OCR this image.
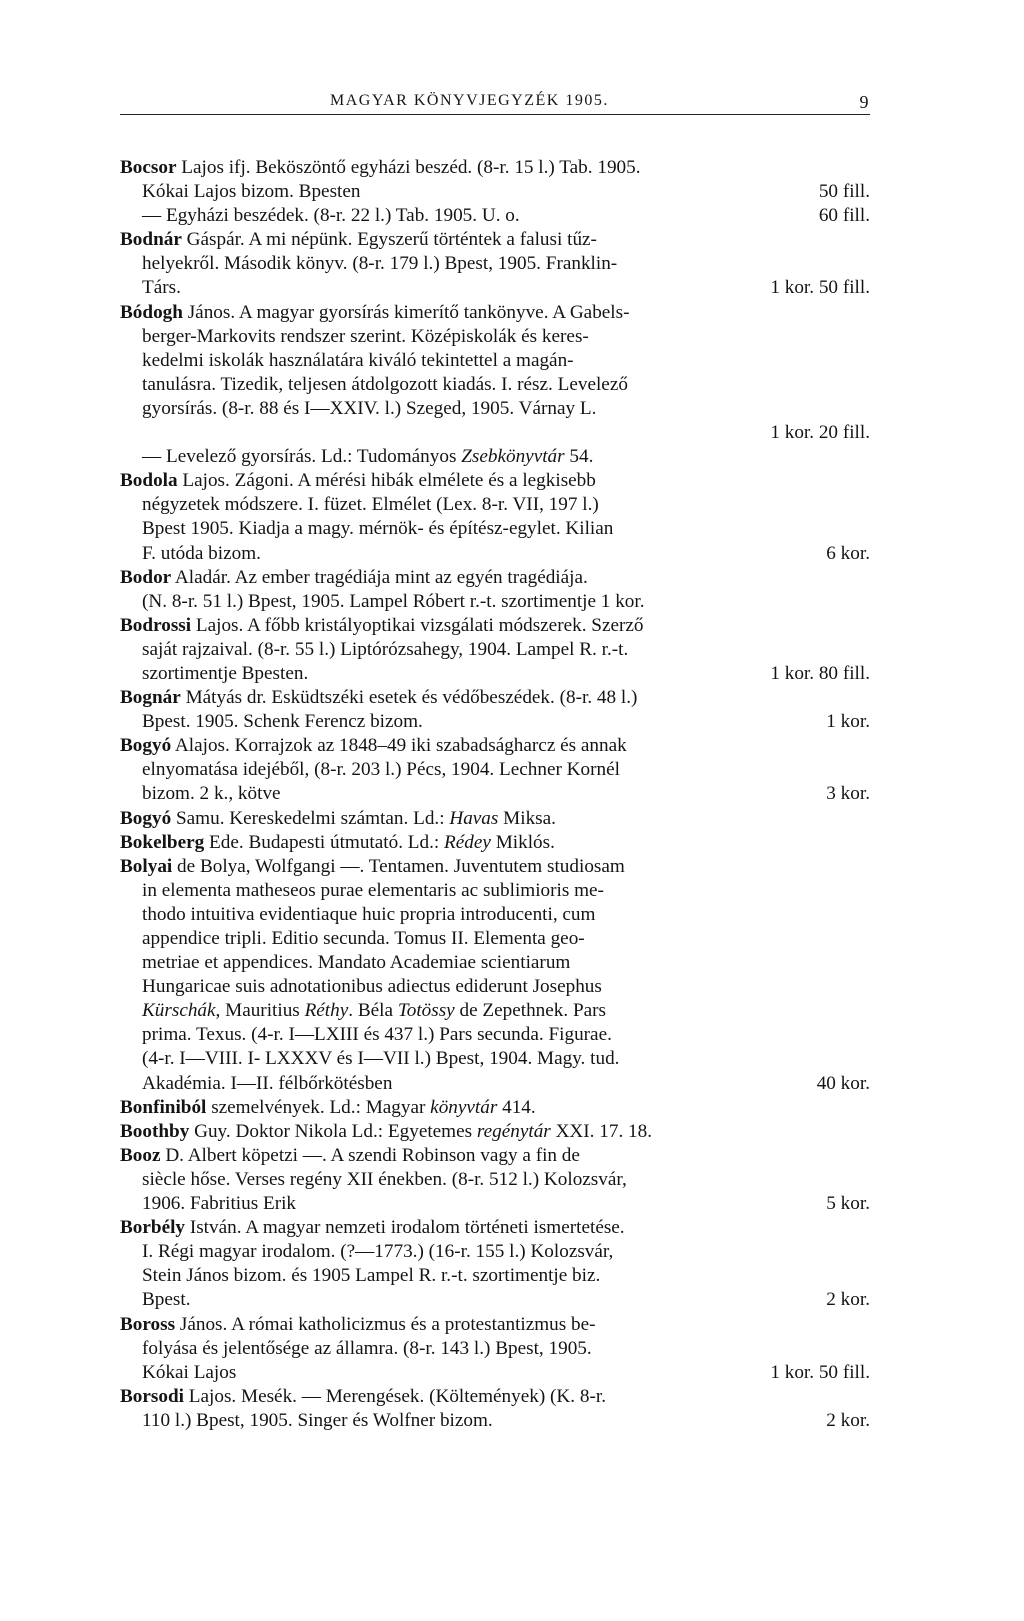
MAGYAR KÖNYVJEGYZÉK 1905.	9
Bocsor Lajos ifj. Beköszöntő egyházi beszéd. (8-r. 15 l.) Tab. 1905.
50 fill.
Kókai Lajos bizom. Bpesten
60 fill.
— Egyházi beszédek. (8-r. 22 l.) Tab. 1905. U. o.
Bodnár Gáspár. A mi népünk. Egyszerű történtek a falusi tűz-
helyekről. Második könyv. (8-r. 179 l.) Bpest, 1905. Franklin-
1 kor. 50 fill.
Társ.
Bódogh János. A magyar gyorsírás kimerítő tankönyve. A Gabels-
berger-Markovits rendszer szerint. Középiskolák és keres-
kedelmi iskolák használatára kiváló tekintettel a magán-
tanulásra. Tizedik, teljesen átdolgozott kiadás. I. rész. Levelező
gyorsírás. (8-r. 88 és I—XXIV. l.) Szeged, 1905. Várnay L.
1 kor. 20 fill.
— Levelező gyorsírás. Ld.: Tudományos Zsebkönyvtár 54.
Bodola Lajos. Zágoni. A mérési hibák elmélete és a legkisebb
négyzetek módszere. I. füzet. Elmélet (Lex. 8-r. VII, 197 l.)
Bpest 1905. Kiadja a magy. mérnök- és építész-egylet. Kilian
6 kor.
F. utóda bizom.
Bodor Aladár. Az ember tragédiája mint az egyén tragédiája.
(N. 8-r. 51 l.) Bpest, 1905. Lampel Róbert r.-t. szortimentje 1 kor.
Bodrossi Lajos. A főbb kristályoptikai vizsgálati módszerek. Szerző
saját rajzaival. (8-r. 55 l.) Liptórózsahegy, 1904. Lampel R. r.-t.
1 kor. 80 fill.
szortimentje Bpesten.
Bognár Mátyás dr. Esküdtszéki esetek és védőbeszédek. (8-r. 48 l.)
1 kor.
Bpest. 1905. Schenk Ferencz bizom.
Bogyó Alajos. Korrajzok az 1848–49 iki szabadságharcz és annak
elnyomatása idejéből, (8-r. 203 l.) Pécs, 1904. Lechner Kornél
3 kor.
bizom. 2 k., kötve
Bogyó Samu. Kereskedelmi számtan. Ld.: Havas Miksa.
Bokelberg Ede. Budapesti útmutató. Ld.: Rédey Miklós.
Bolyai de Bolya, Wolfgangi —. Tentamen. Juventutem studiosam
in elementa matheseos purae elementaris ac sublimioris me-
thodo intuitiva evidentiaque huic propria introducenti, cum
appendice tripli. Editio secunda. Tomus II. Elementa geo-
metriae et appendices. Mandato Academiae scientiarum
Hungaricae suis adnotationibus adiectus ediderunt Josephus
Kürschák, Mauritius Réthy. Béla Totössy de Zepethnek. Pars
prima. Texus. (4-r. I—LXIII és 437 l.) Pars secunda. Figurae.
(4-r. I—VIII. I- LXXXV és I—VII l.) Bpest, 1904. Magy. tud.
40 kor.
Akadémia. I—II. félbőrkötésben
Bonfiniból szemelvények. Ld.: Magyar könyvtár 414.
Boothby Guy. Doktor Nikola Ld.: Egyetemes regénytár XXI. 17. 18.
Booz D. Albert köpetzi —. A szendi Robinson vagy a fin de
siècle hőse. Verses regény XII énekben. (8-r. 512 l.) Kolozsvár,
5 kor.
1906. Fabritius Erik
Borbély István. A magyar nemzeti irodalom történeti ismertetése.
I. Régi magyar irodalom. (?—1773.) (16-r. 155 l.) Kolozsvár,
Stein János bizom. és 1905 Lampel R. r.-t. szortimentje biz.
2 kor.
Bpest.
Boross János. A római katholicizmus és a protestantizmus be-
folyása és jelentősége az államra. (8-r. 143 l.) Bpest, 1905.
1 kor. 50 fill.
Kókai Lajos
Borsodi Lajos. Mesék. — Merengések. (Költemények) (K. 8-r.
2 kor.
110 l.) Bpest, 1905. Singer és Wolfner bizom.
